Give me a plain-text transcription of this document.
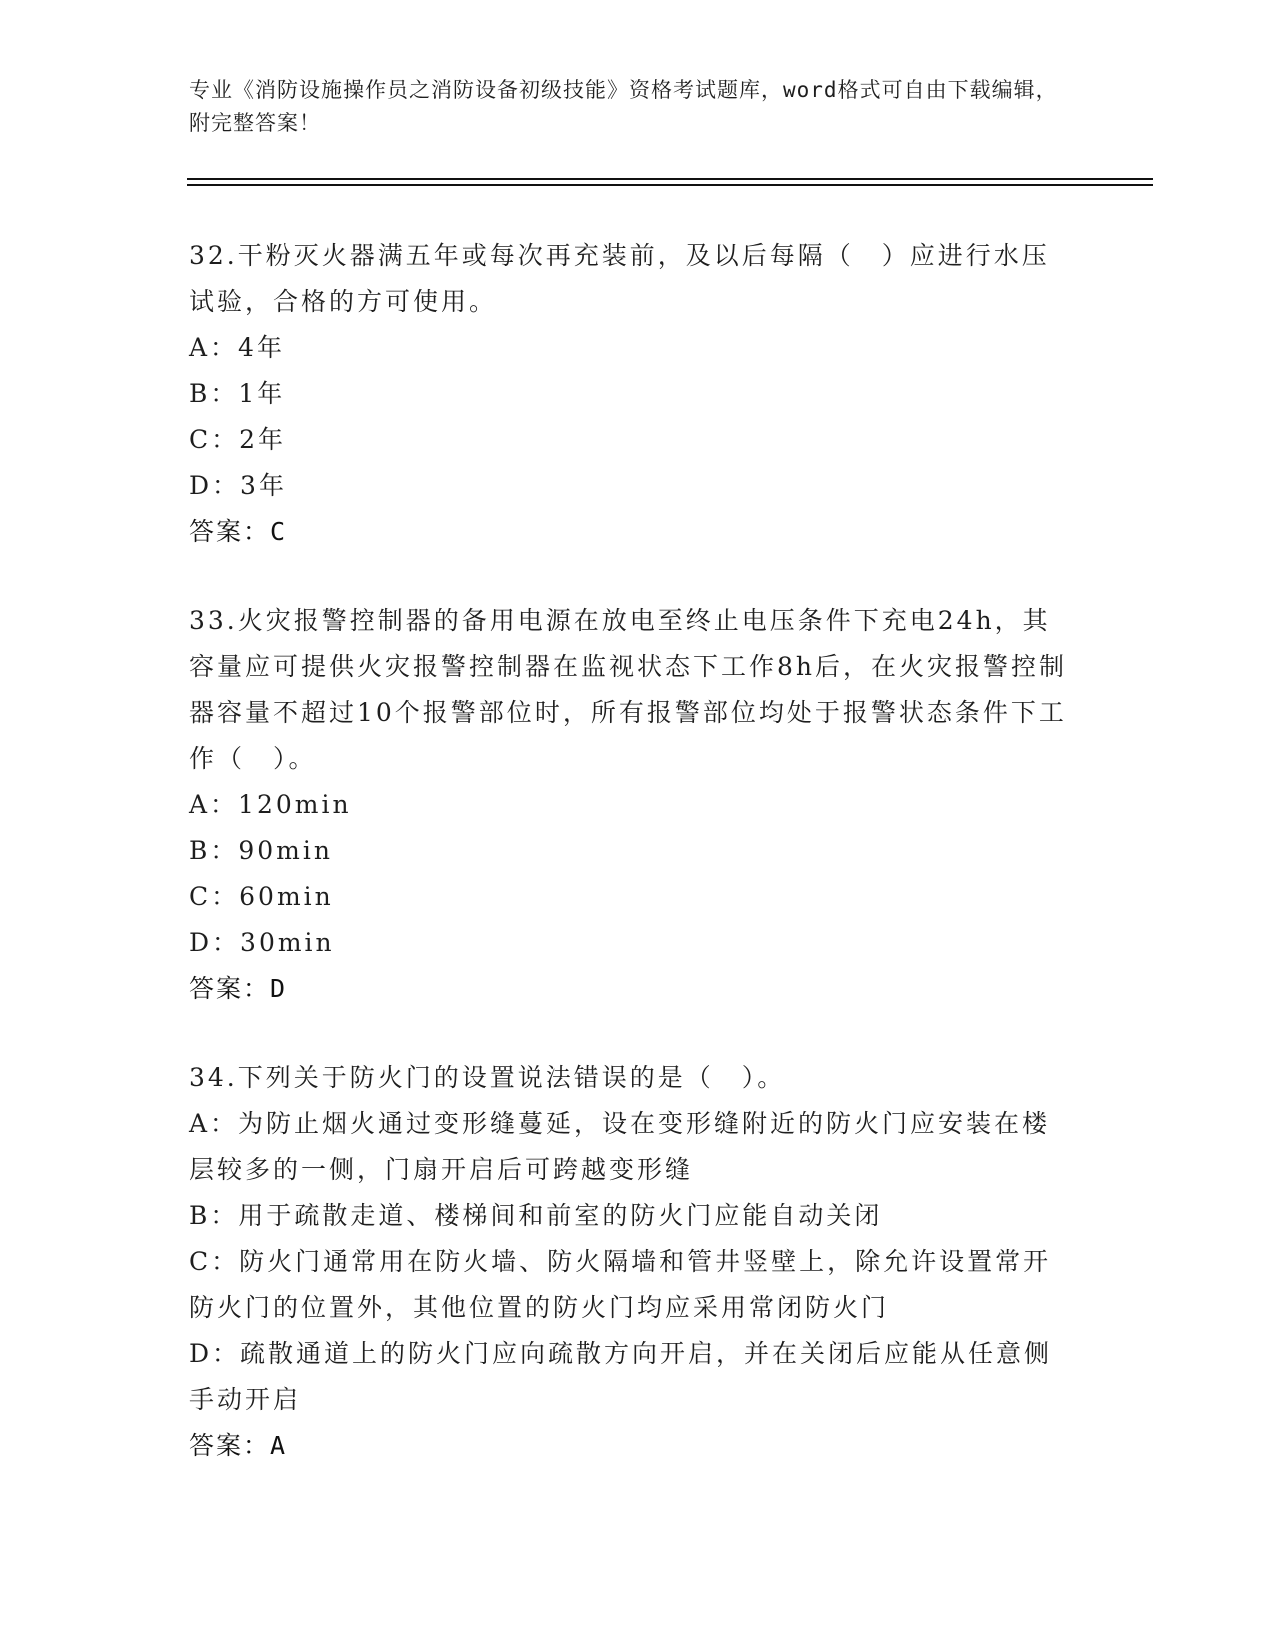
专业《消防设施操作员之消防设备初级技能》资格考试题库，word格式可自由下载编辑，附完整答案！

32.干粉灭火器满五年或每次再充装前，及以后每隔（　）应进行水压试验，合格的方可使用。

A：4年

B：1年

C：2年

D：3年

答案：C

33.火灾报警控制器的备用电源在放电至终止电压条件下充电24h，其容量应可提供火灾报警控制器在监视状态下工作8h后，在火灾报警控制器容量不超过10个报警部位时，所有报警部位均处于报警状态条件下工作（　）。

A：120min

B：90min

C：60min

D：30min

答案：D

34.下列关于防火门的设置说法错误的是（　）。

A：为防止烟火通过变形缝蔓延，设在变形缝附近的防火门应安装在楼层较多的一侧，门扇开启后可跨越变形缝

B：用于疏散走道、楼梯间和前室的防火门应能自动关闭

C：防火门通常用在防火墙、防火隔墙和管井竖壁上，除允许设置常开防火门的位置外，其他位置的防火门均应采用常闭防火门

D：疏散通道上的防火门应向疏散方向开启，并在关闭后应能从任意侧手动开启

答案：A
